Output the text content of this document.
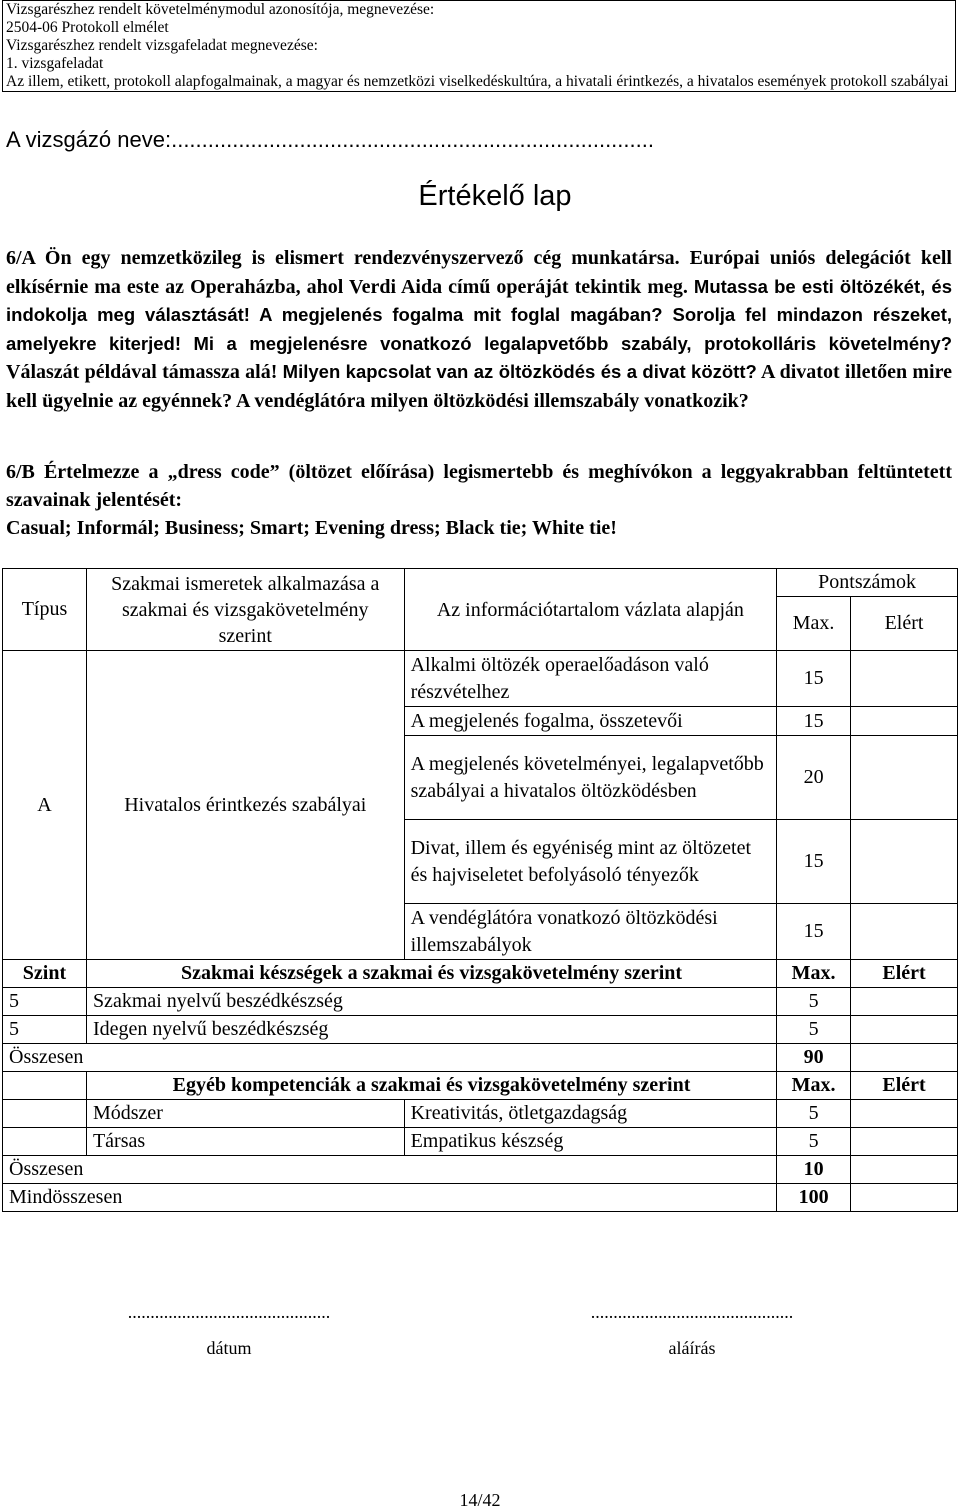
Vizsgarészhez rendelt követelménymodul azonosítója, megnevezése:
2504-06 Protokoll elmélet
Vizsgarészhez rendelt vizsgafeladat megnevezése:
1. vizsgafeladat
Az illem, etikett, protokoll alapfogalmainak, a magyar és nemzetközi viselkedéskultúra, a hivatali érintkezés, a hivatalos események protokoll szabályai
A vizsgázó neve:...............................................................................
Értékelő lap
6/A Ön egy nemzetközileg is elismert rendezvényszervező cég munkatársa. Európai uniós delegációt kell elkísérnie ma este az Operaházba, ahol Verdi Aida című operáját tekintik meg. Mutassa be esti öltözékét, és indokolja meg választását! A megjelenés fogalma mit foglal magában? Sorolja fel mindazon részeket, amelyekre kiterjed! Mi a megjelenésre vonatkozó legalapvetőbb szabály, protokolláris követelmény? Válaszát példával támassza alá! Milyen kapcsolat van az öltözködés és a divat között? A divatot illetően mire kell ügyelnie az egyénnek? A vendéglátóra milyen öltözködési illemszabály vonatkozik?
6/B Értelmezze a „dress code” (öltözet előírása) legismertebb és meghívókon a leggyakrabban feltüntetett szavainak jelentését:
Casual; Informál; Business; Smart; Evening dress; Black tie; White tie!
Típus	Szakmai ismeretek alkalmazása a szakmai és vizsgakövetelmény szerint	Az információtartalom vázlata alapján	Pontszámok	
			Max.	Elért
A	Hivatalos érintkezés szabályai	Alkalmi öltözék operaelőadáson való részvételhez	15	
		A megjelenés fogalma, összetevői	15	
		A megjelenés követelményei, legalapvetőbb szabályai a hivatalos öltözködésben	20	
		Divat, illem és egyéniség mint az öltözetet és hajviseletet befolyásoló tényezők	15	
		A vendéglátóra vonatkozó öltözködési illemszabályok	15	
Szint	Szakmai készségek a szakmai és vizsgakövetelmény szerint		Max.	Elért
5	Szakmai nyelvű beszédkészség		5	
5	Idegen nyelvű beszédkészség		5	
Összesen			90	
	Egyéb kompetenciák a szakmai és vizsgakövetelmény szerint		Max.	Elért
	Módszer	Kreativitás, ötletgazdagság	5	
	Társas	Empatikus készség	5	
Összesen			10	
Mindösszesen			100	
.............................................
dátum
.............................................
aláírás
14/42
